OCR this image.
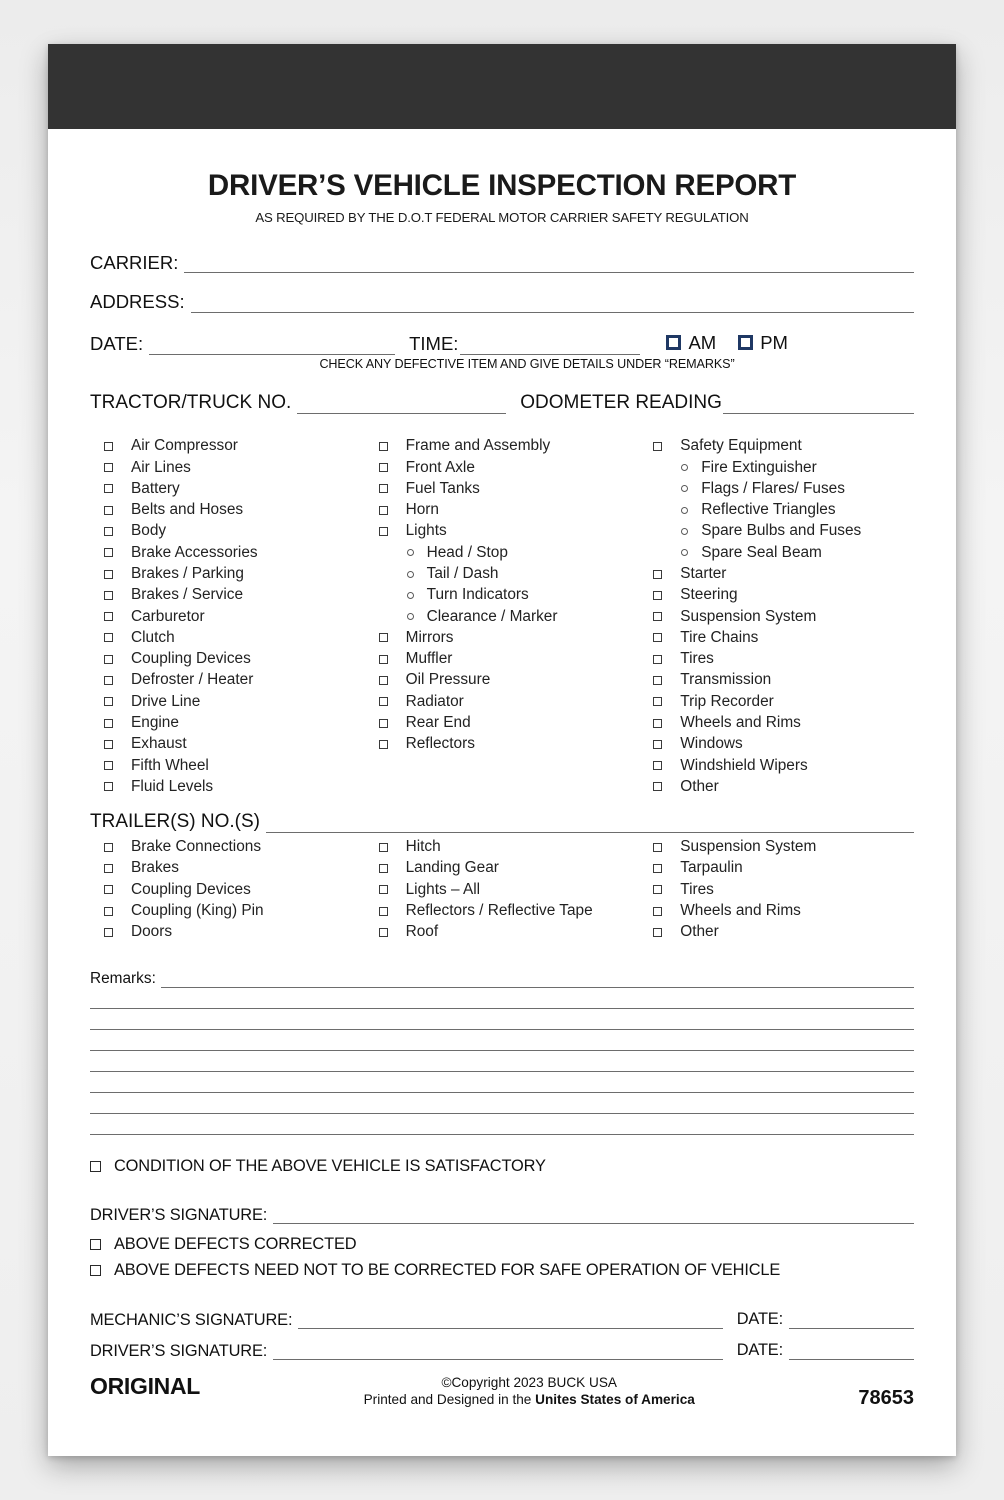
DRIVER’S VEHICLE INSPECTION REPORT
AS REQUIRED BY THE D.O.T FEDERAL MOTOR CARRIER SAFETY REGULATION
CARRIER:
ADDRESS:
DATE:	TIME:	AM PM
CHECK ANY DEFECTIVE ITEM AND GIVE DETAILS UNDER “REMARKS”
TRACTOR/TRUCK NO.	ODOMETER READING
Air Compressor
Air Lines
Battery
Belts and Hoses
Body
Brake Accessories
Brakes / Parking
Brakes / Service
Carburetor
Clutch
Coupling Devices
Defroster / Heater
Drive Line
Engine
Exhaust
Fifth Wheel
Fluid Levels
Frame and Assembly
Front Axle
Fuel Tanks
Horn
Lights
Head / Stop
Tail / Dash
Turn Indicators
Clearance / Marker
Mirrors
Muffler
Oil Pressure
Radiator
Rear End
Reflectors
Safety Equipment
Fire Extinguisher
Flags / Flares/ Fuses
Reflective Triangles
Spare Bulbs and Fuses
Spare Seal Beam
Starter
Steering
Suspension System
Tire Chains
Tires
Transmission
Trip Recorder
Wheels and Rims
Windows
Windshield Wipers
Other
TRAILER(S) NO.(S)
Brake Connections
Brakes
Coupling Devices
Coupling (King) Pin
Doors
Hitch
Landing Gear
Lights – All
Reflectors / Reflective Tape
Roof
Suspension System
Tarpaulin
Tires
Wheels and Rims
Other
Remarks:
CONDITION OF THE ABOVE VEHICLE IS SATISFACTORY
DRIVER’S SIGNATURE:
ABOVE DEFECTS CORRECTED
ABOVE DEFECTS NEED NOT TO BE CORRECTED FOR SAFE OPERATION OF VEHICLE
MECHANIC’S SIGNATURE:	DATE:
DRIVER’S SIGNATURE:	DATE:
ORIGINAL	©Copyright 2023 BUCK USA
Printed and Designed in the Unites States of America	78653
